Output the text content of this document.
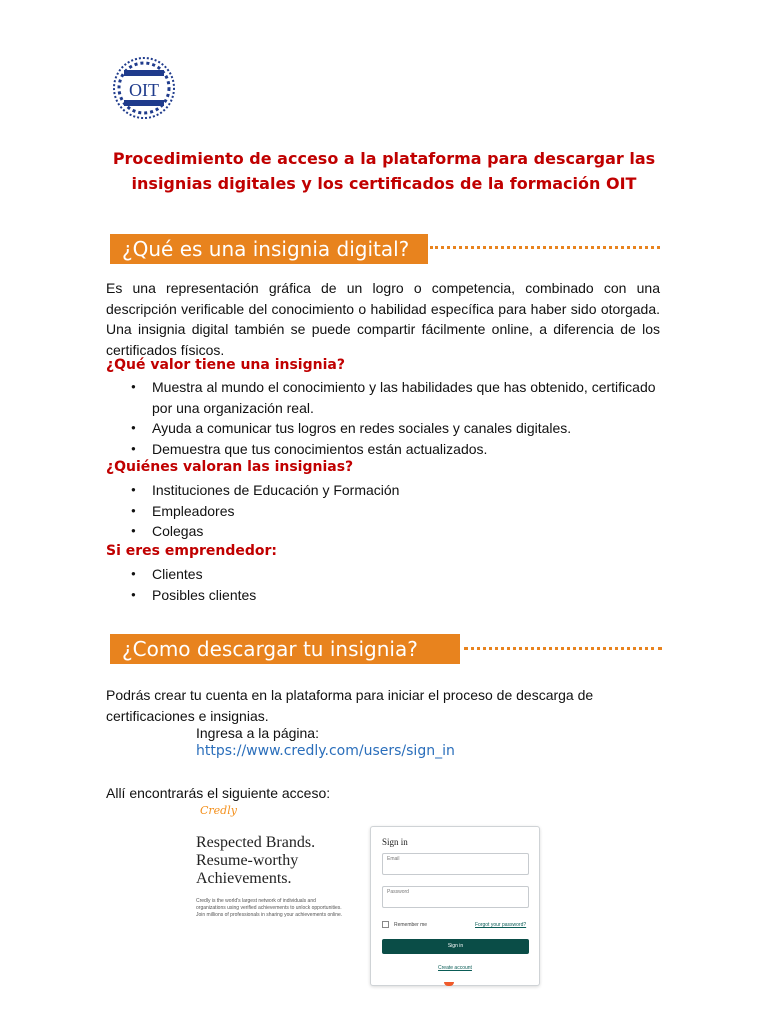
OIT
Procedimiento de acceso a la plataforma para descargar las
insignias digitales y los certificados de la formación OIT
¿Qué es una insignia digital?
Es una representación gráfica de un logro o competencia, combinado con una descripción verificable del conocimiento o habilidad específica para haber sido otorgada. Una insignia digital también se puede compartir fácilmente online, a diferencia de los certificados físicos.
¿Qué valor tiene una insignia?
● Muestra al mundo el conocimiento y las habilidades que has obtenido, certificado por una organización real.
● Ayuda a comunicar tus logros en redes sociales y canales digitales.
● Demuestra que tus conocimientos están actualizados.
¿Quiénes valoran las insignias?
● Instituciones de Educación y Formación
● Empleadores
● Colegas
Si eres emprendedor:
● Clientes
● Posibles clientes
¿Como descargar tu insignia?
Podrás crear tu cuenta en la plataforma para iniciar el proceso de descarga de certificaciones e insignias.
Ingresa a la página:
https://www.credly.com/users/sign_in
Allí encontrarás el siguiente acceso:
Credly
Respected Brands. Resume-worthy Achievements.
Credly is the world's largest network of individuals and organizations using verified achievements to unlock opportunities. Join millions of professionals in sharing your achievements online.
Sign in
Email
Password
Remember me	Forgot your password?
Sign in
Create account
